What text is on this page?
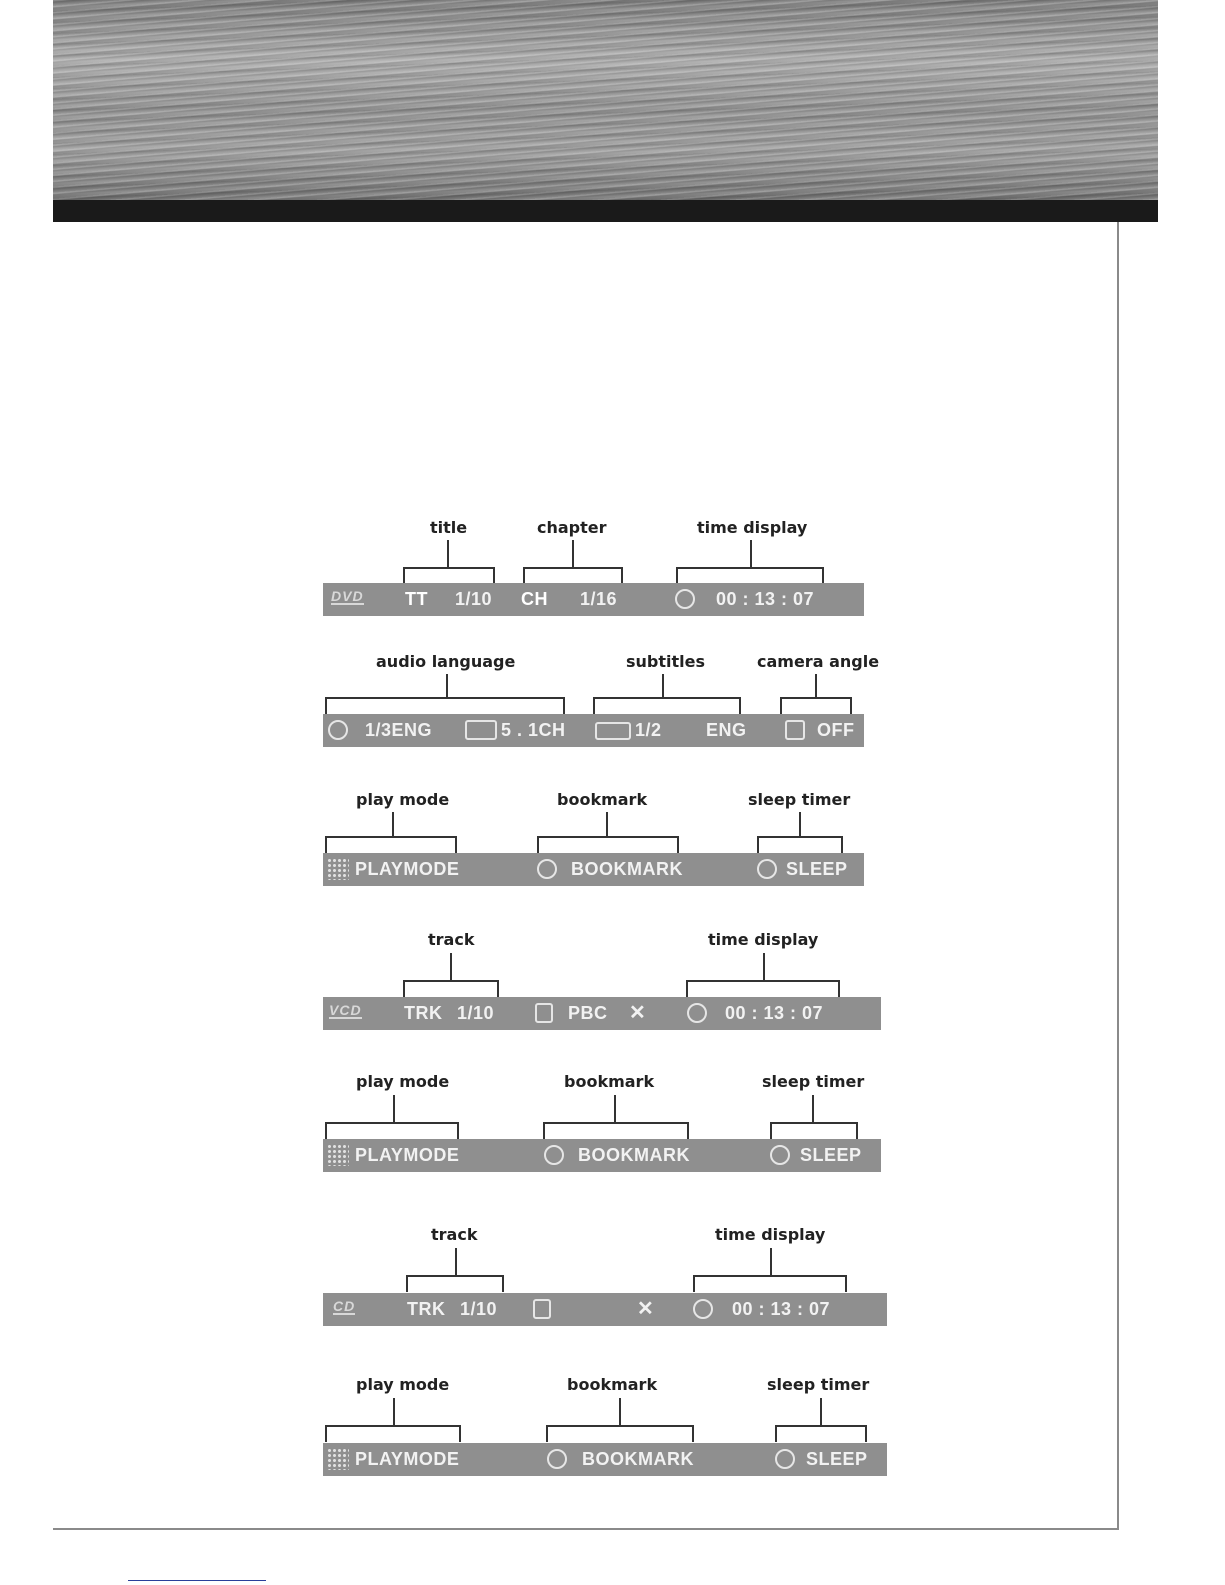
title	chapter	time display
DVD TT 1/10 CH 1/16	00 : 13 : 07
audio language	subtitles	camera angle
1/3ENG	5 . 1CH	1/2 ENG	OFF
play mode	bookmark	sleep timer
PLAYMODE	BOOKMARK	SLEEP
track	time display
VCD TRK 1/10	PBC ✕	00 : 13 : 07
play mode	bookmark	sleep timer
PLAYMODE	BOOKMARK	SLEEP
track	time display
CD	TRK 1/10	✕	00 : 13 : 07
play mode	bookmark	sleep timer
PLAYMODE	BOOKMARK	SLEEP
